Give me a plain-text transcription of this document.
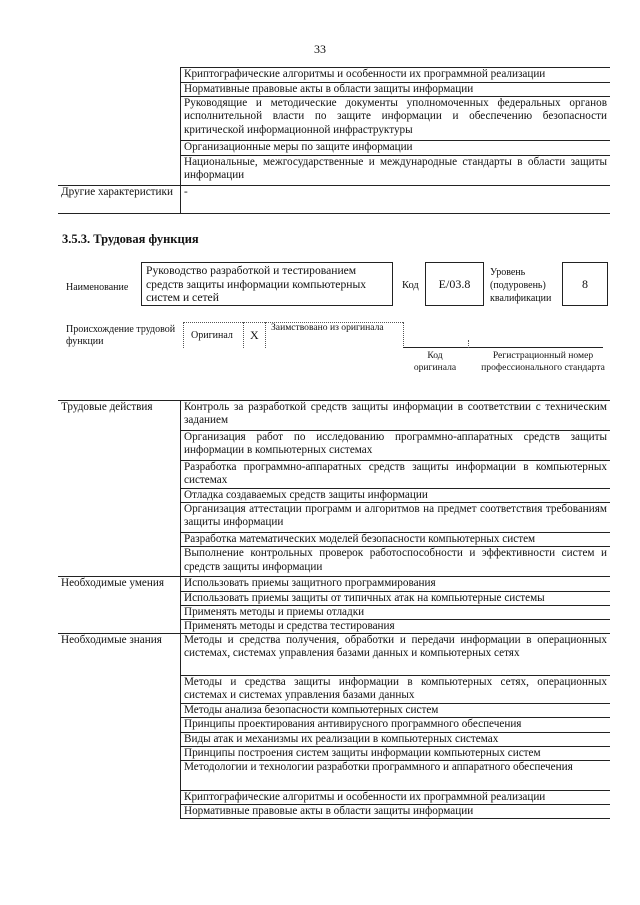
33
	Криптографические алгоритмы и особенности их программной реализации
	Нормативные правовые акты в области защиты информации
	Руководящие и методические документы уполномоченных федеральных органов исполнительной власти по защите информации и обеспечению безопасности критической информационной инфраструктуры
	Организационные меры по защите информации
	Национальные, межгосударственные и международные стандарты в области защиты информации
Другие характеристики	-
3.5.3. Трудовая функция
Наименование
Руководство разработкой и тестированием средств защиты информации компьютерных систем и сетей
Код E/03.8
Уровень (подуровень) квалификации
8
Происхождение трудовой функции
Оригинал X
Заимствовано из оригинала
Код оригинала
Регистрационный номер профессионального стандарта
Трудовые действия	Контроль за разработкой средств защиты информации в соответствии с техническим заданием
	Организация работ по исследованию программно-аппаратных средств защиты информации в компьютерных системах
	Разработка программно-аппаратных средств защиты информации в компьютерных системах
	Отладка создаваемых средств защиты информации
	Организация аттестации программ и алгоритмов на предмет соответствия требованиям защиты информации
	Разработка математических моделей безопасности компьютерных систем
	Выполнение контрольных проверок работоспособности и эффективности систем и средств защиты информации
Необходимые умения	Использовать приемы защитного программирования
	Использовать приемы защиты от типичных атак на компьютерные системы
	Применять методы и приемы отладки
	Применять методы и средства тестирования
Необходимые знания	Методы и средства получения, обработки и передачи информации в операционных системах, системах управления базами данных и компьютерных сетях
	Методы и средства защиты информации в компьютерных сетях, операционных системах и системах управления базами данных
	Методы анализа безопасности компьютерных систем
	Принципы проектирования антивирусного программного обеспечения
	Виды атак и механизмы их реализации в компьютерных системах
	Принципы построения систем защиты информации компьютерных систем
	Методологии и технологии разработки программного и аппаратного обеспечения
	Криптографические алгоритмы и особенности их программной реализации
	Нормативные правовые акты в области защиты информации
